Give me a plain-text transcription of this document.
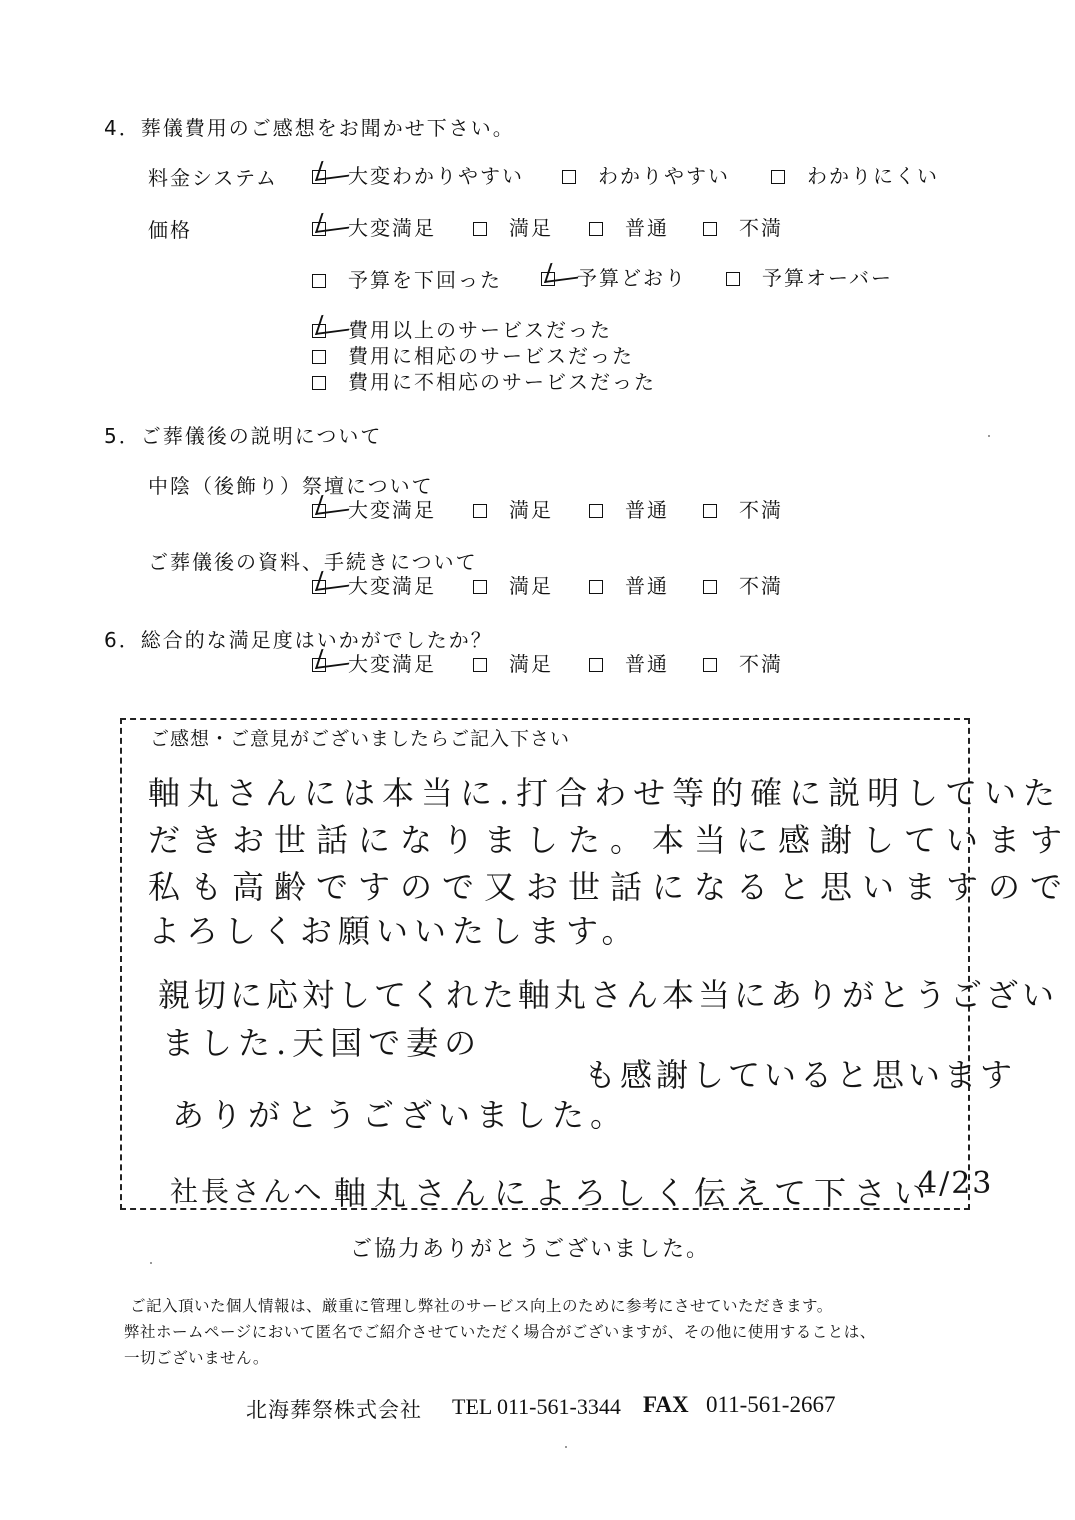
4．葬儀費用のご感想をお聞かせ下さい。
料金システム	大変わかりやすい	わかりやすい	わかりにくい
価格	大変満足	満足	普通	不満
予算を下回った	予算どおり	予算オーバー
費用以上のサービスだった
費用に相応のサービスだった
費用に不相応のサービスだった
5．ご葬儀後の説明について
中陰（後飾り）祭壇について
大変満足	満足	普通	不満
ご葬儀後の資料、手続きについて
大変満足	満足	普通	不満
6．総合的な満足度はいかがでしたか？
大変満足	満足	普通	不満
ご感想・ご意見がございましたらご記入下さい
軸丸さんには本当に.打合わせ等的確に説明していた
だきお世話になりました。本当に感謝しています
私も高齢ですので又お世話になると思いますので
よろしくお願いいたします。
親切に応対してくれた軸丸さん本当にありがとうござい
ました.天国で妻の
も感謝していると思います
ありがとうございました。
社長さんへ 軸丸さんによろしく伝えて下さい
4/23
ご協力ありがとうございました。
ご記入頂いた個人情報は、厳重に管理し弊社のサービス向上のために参考にさせていただきます。
弊社ホームページにおいて匿名でご紹介させていただく場合がございますが、その他に使用することは、
一切ございません。
北海葬祭株式会社 TEL 011-561-3344 FAX 011-561-2667
